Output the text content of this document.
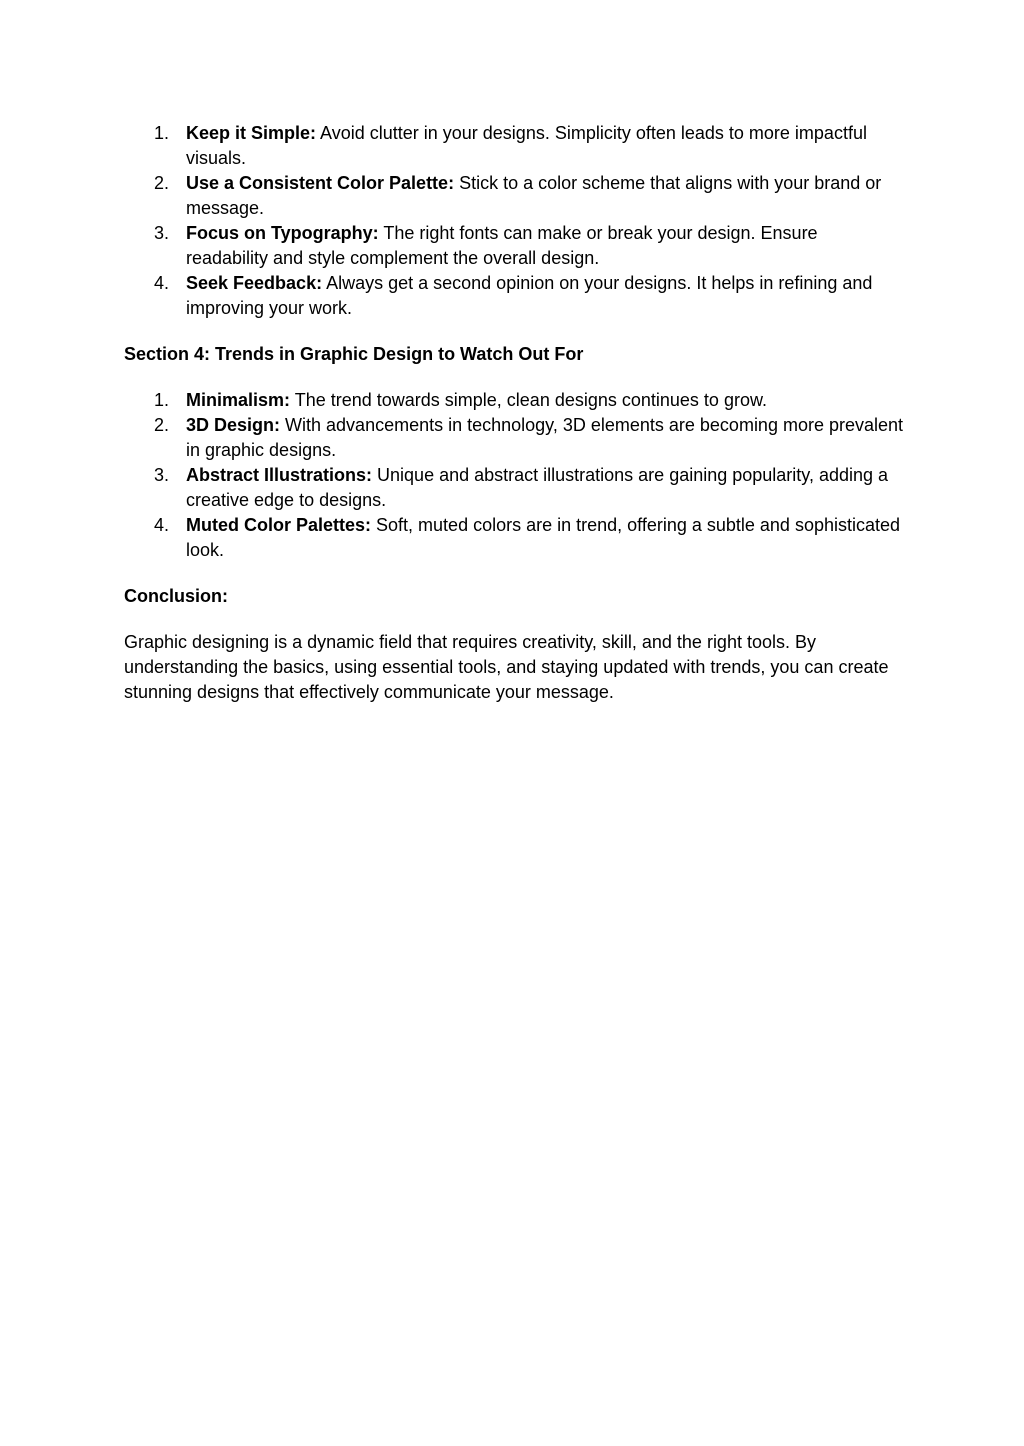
1. Keep it Simple: Avoid clutter in your designs. Simplicity often leads to more impactful visuals.
2. Use a Consistent Color Palette: Stick to a color scheme that aligns with your brand or message.
3. Focus on Typography: The right fonts can make or break your design. Ensure readability and style complement the overall design.
4. Seek Feedback: Always get a second opinion on your designs. It helps in refining and improving your work.
Section 4: Trends in Graphic Design to Watch Out For
1. Minimalism: The trend towards simple, clean designs continues to grow.
2. 3D Design: With advancements in technology, 3D elements are becoming more prevalent in graphic designs.
3. Abstract Illustrations: Unique and abstract illustrations are gaining popularity, adding a creative edge to designs.
4. Muted Color Palettes: Soft, muted colors are in trend, offering a subtle and sophisticated look.
Conclusion:

Graphic designing is a dynamic field that requires creativity, skill, and the right tools. By understanding the basics, using essential tools, and staying updated with trends, you can create stunning designs that effectively communicate your message.
